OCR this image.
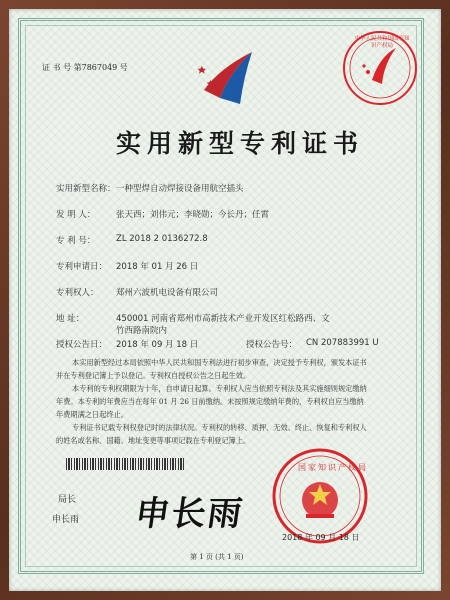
证 书 号 第7867049 号
中华人民共和国国家知识产权局
实用新型专利证书
实用新型名称： 一种型焊自动焊接设备用航空插头
发 明 人： 张天西；刘伟元；李晓勋；今长丹；任霄
专 利 号： ZL 2018 2 0136272.8
专利申请日： 2018 年 01 月 26 日
专利权人： 郑州六波机电设备有限公司
地 址：	450001 河南省郑州市高新技术产业开发区红松路西、文
竹西路南院内
授权公告日： 2018 年 09 月 18 日	授权公告号： CN 207883991 U
本实用新型经过本局依照中华人民共和国专利法进行初步审查，决定授予专利权，颁发本证书并在专利登记簿上予以登记。专利权自授权公告之日起生效。
本专利的专利权期限为十年，自申请日起算。专利权人应当依照专利法及其实施细则规定缴纳年费。本专利的年费应当在每年 01 月 26 日前缴纳。未按照规定缴纳年费的，专利权自应当缴纳年费期满之日起终止。
专利证书记载专利权登记时的法律状况。专利权的转移、质押、无效、终止、恢复和专利权人的姓名或名称、国籍、地址变更等事项记载在专利登记簿上。
局长
申长雨 申长雨
国家知识产权局
2018 年 09 月 18 日
第 1 页 (共 1 页)
